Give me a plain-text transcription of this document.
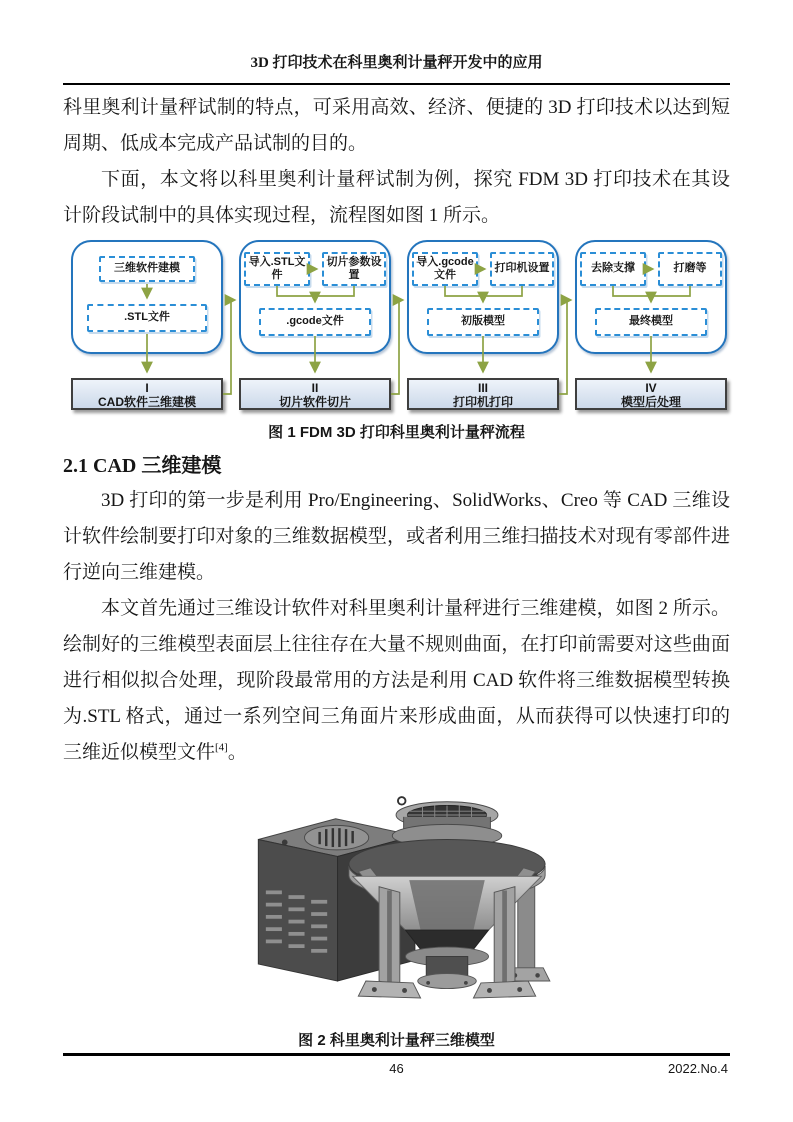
3D 打印技术在科里奥利计量秤开发中的应用

科里奥利计量秤试制的特点，可采用高效、经济、便捷的 3D 打印技术以达到短周期、低成本完成产品试制的目的。

下面，本文将以科里奥利计量秤试制为例，探究 FDM 3D 打印技术在其设计阶段试制中的具体实现过程，流程图如图 1 所示。

三维软件建模
.STL文件
导入.STL文件
切片参数设置
.gcode文件
导入.gcode文件
打印机设置
初版模型
去除支撑	打磨等
最终模型
I
CAD软件三维建模
II
切片软件切片
III
打印机打印
IV
模型后处理
图 1 FDM 3D 打印科里奥利计量秤流程
2.1 CAD 三维建模

3D 打印的第一步是利用 Pro/Engineering、SolidWorks、Creo 等 CAD 三维设计软件绘制要打印对象的三维数据模型，或者利用三维扫描技术对现有零部件进行逆向三维建模。

本文首先通过三维设计软件对科里奥利计量秤进行三维建模，如图 2 所示。绘制好的三维模型表面层上往往存在大量不规则曲面，在打印前需要对这些曲面进行相似拟合处理，现阶段最常用的方法是利用 CAD 软件将三维数据模型转换为.STL 格式，通过一系列空间三角面片来形成曲面，从而获得可以快速打印的三维近似模型文件[4]。

图 2 科里奥利计量秤三维模型
46	2022.No.4
